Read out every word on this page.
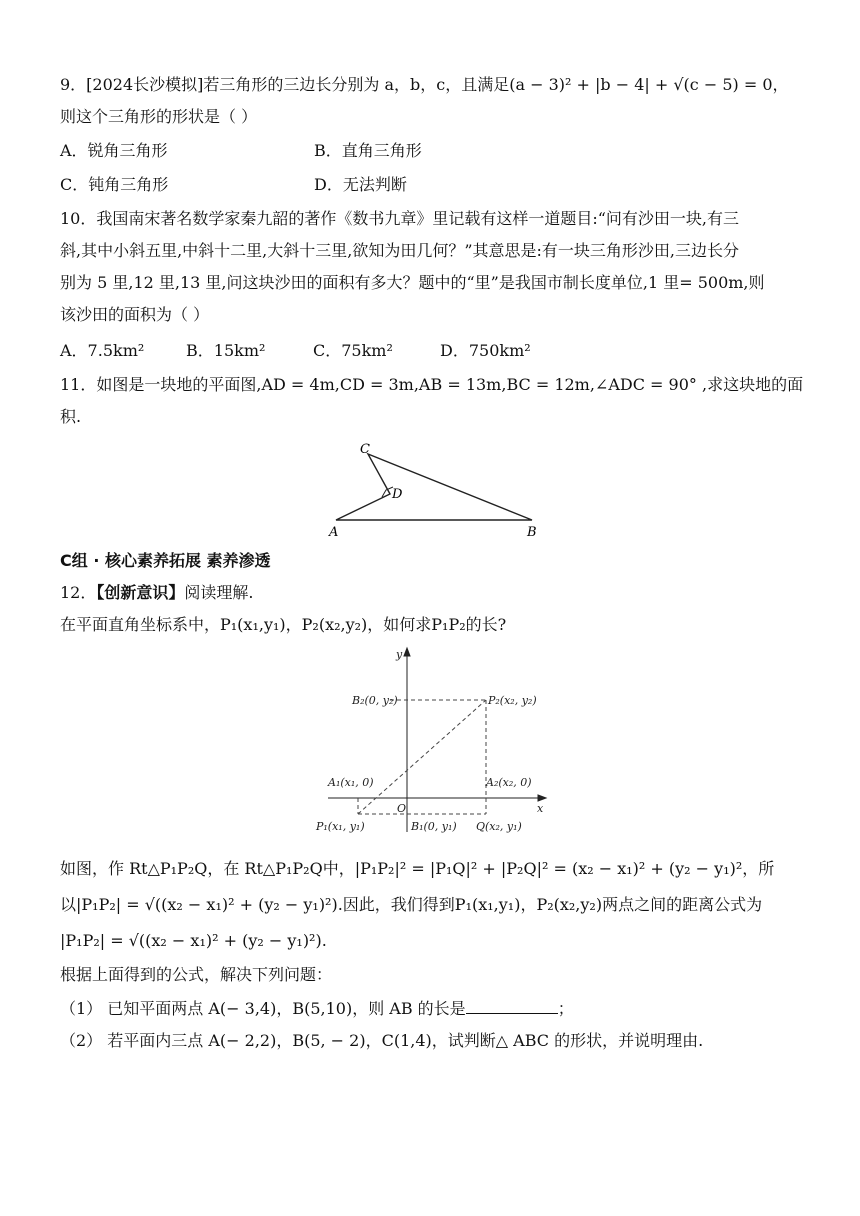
9．[2024长沙模拟]若三角形的三边长分别为 a，b，c，且满足(a − 3)² + |b − 4| + √(c − 5) = 0，
则这个三角形的形状是（ ）
A．锐角三角形	B．直角三角形
C．钝角三角形	D．无法判断
10．我国南宋著名数学家秦九韶的著作《数书九章》里记载有这样一道题目:“问有沙田一块,有三
斜,其中小斜五里,中斜十二里,大斜十三里,欲知为田几何？”其意思是:有一块三角形沙田,三边长分
别为 5 里,12 里,13 里,问这块沙田的面积有多大？题中的“里”是我国市制长度单位,1 里= 500m,则
该沙田的面积为（ ）
A．7.5km²	B．15km²	C．75km²	D．750km²
11．如图是一块地的平面图,AD = 4m,CD = 3m,AB = 13m,BC = 12m,∠ADC = 90° ,求这块地的面
积.
C
D
A	B
C组 · 核心素养拓展 素养渗透
12．【创新意识】阅读理解.
在平面直角坐标系中，P₁(x₁,y₁)，P₂(x₂,y₂)，如何求P₁P₂的长?
y
x
O
B₂(0, y₂)	P₂(x₂, y₂)
A₁(x₁, 0)	A₂(x₂, 0)
P₁(x₁, y₁)	B₁(0, y₁) Q(x₂, y₁)
如图，作 Rt△P₁P₂Q，在 Rt△P₁P₂Q中，|P₁P₂|² = |P₁Q|² + |P₂Q|² = (x₂ − x₁)² + (y₂ − y₁)²，所
以|P₁P₂| = √((x₂ − x₁)² + (y₂ − y₁)²).因此，我们得到P₁(x₁,y₁)，P₂(x₂,y₂)两点之间的距离公式为
|P₁P₂| = √((x₂ − x₁)² + (y₂ − y₁)²).
根据上面得到的公式，解决下列问题：
（1） 已知平面两点 A(− 3,4)，B(5,10)，则 AB 的长是	；
（2） 若平面内三点 A(− 2,2)，B(5, − 2)，C(1,4)，试判断△ ABC 的形状，并说明理由.
